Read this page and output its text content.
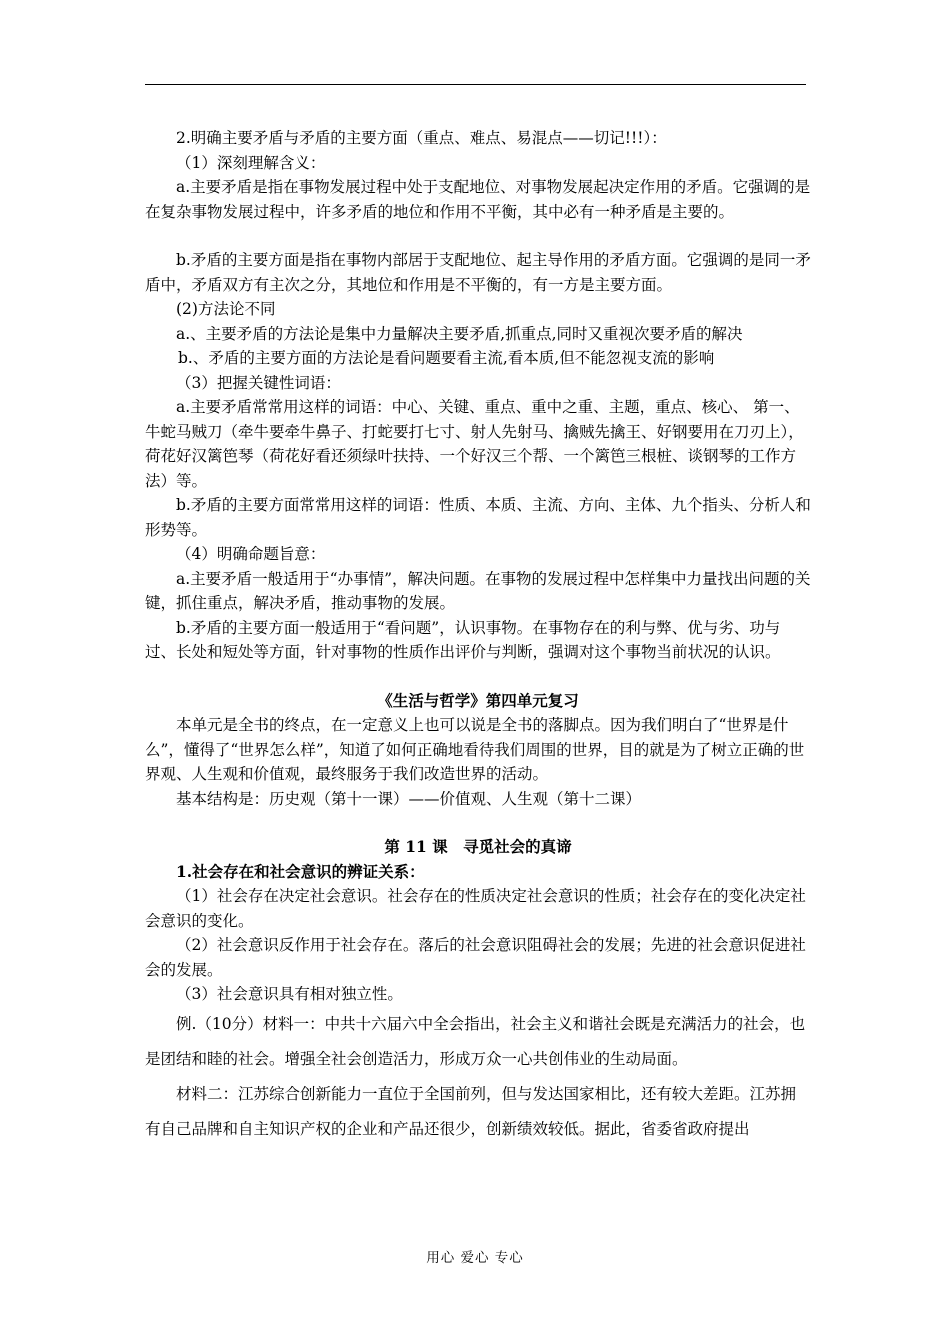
2.明确主要矛盾与矛盾的主要方面（重点、难点、易混点——切记!!!）：

（1）深刻理解含义：

a.主要矛盾是指在事物发展过程中处于支配地位、对事物发展起决定作用的矛盾。它强调的是在复杂事物发展过程中，许多矛盾的地位和作用不平衡，其中必有一种矛盾是主要的。

b.矛盾的主要方面是指在事物内部居于支配地位、起主导作用的矛盾方面。它强调的是同一矛盾中，矛盾双方有主次之分，其地位和作用是不平衡的，有一方是主要方面。

(2)方法论不同

a.、主要矛盾的方法论是集中力量解决主要矛盾,抓重点,同时又重视次要矛盾的解决

b.、矛盾的主要方面的方法论是看问题要看主流,看本质,但不能忽视支流的影响

（3）把握关键性词语：

a.主要矛盾常常用这样的词语：中心、关键、重点、重中之重、主题，重点、核心、 第一、牛蛇马贼刀（牵牛要牵牛鼻子、打蛇要打七寸、射人先射马、擒贼先擒王、好钢要用在刀刃上），荷花好汉篱笆琴（荷花好看还须绿叶扶持、一个好汉三个帮、一个篱笆三根桩、谈钢琴的工作方法）等。

b.矛盾的主要方面常常用这样的词语：性质、本质、主流、方向、主体、九个指头、分析人和形势等。

（4）明确命题旨意：

a.主要矛盾一般适用于“办事情”，解决问题。在事物的发展过程中怎样集中力量找出问题的关键，抓住重点，解决矛盾，推动事物的发展。

b.矛盾的主要方面一般适用于“看问题”，认识事物。在事物存在的利与弊、优与劣、功与过、长处和短处等方面，针对事物的性质作出评价与判断，强调对这个事物当前状况的认识。

《生活与哲学》第四单元复习

本单元是全书的终点，在一定意义上也可以说是全书的落脚点。因为我们明白了“世界是什么”，懂得了“世界怎么样”，知道了如何正确地看待我们周围的世界，目的就是为了树立正确的世界观、人生观和价值观，最终服务于我们改造世界的活动。

基本结构是：历史观（第十一课）——价值观、人生观（第十二课）

第 11 课　寻觅社会的真谛

1.社会存在和社会意识的辨证关系：

（1）社会存在决定社会意识。社会存在的性质决定社会意识的性质；社会存在的变化决定社会意识的变化。

（2）社会意识反作用于社会存在。落后的社会意识阻碍社会的发展；先进的社会意识促进社会的发展。

（3）社会意识具有相对独立性。

例.（10分）材料一：中共十六届六中全会指出，社会主义和谐社会既是充满活力的社会，也是团结和睦的社会。增强全社会创造活力，形成万众一心共创伟业的生动局面。

材料二：江苏综合创新能力一直位于全国前列，但与发达国家相比，还有较大差距。江苏拥有自己品牌和自主知识产权的企业和产品还很少，创新绩效较低。据此，省委省政府提出

用心 爱心 专心
